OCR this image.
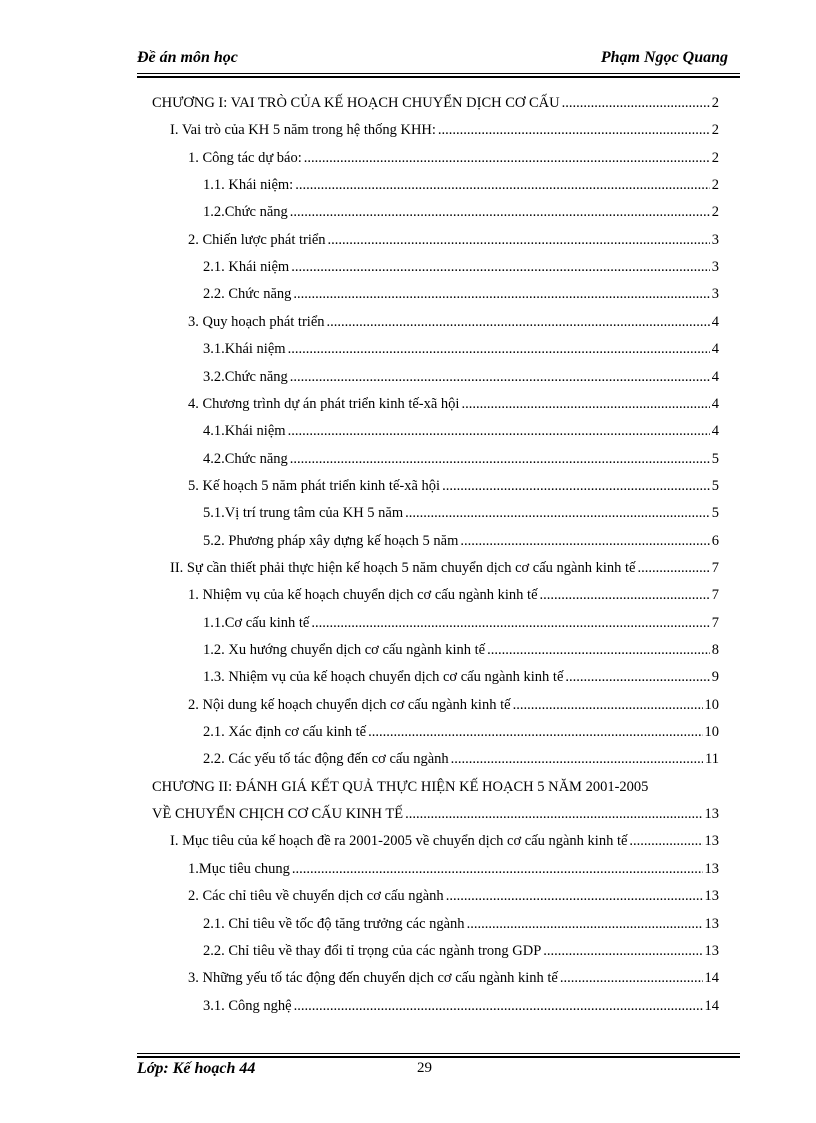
Đề án môn học	Phạm Ngọc Quang
CHƯƠNG I: VAI TRÒ CỦA KẾ HOẠCH CHUYỂN DỊCH CƠ CẤU .....	2
I. Vai trò của KH 5 năm trong hệ thống KHH: .....	2
1. Công tác dự báo: .....	2
1.1. Khái niệm: .....	2
1.2.Chức năng .....	2
2. Chiến lược phát triển .....	3
2.1. Khái niệm .....	3
2.2. Chức năng .....	3
3. Quy hoạch phát triển .....	4
3.1.Khái niệm .....	4
3.2.Chức năng .....	4
4. Chương trình dự án phát triển kinh tế-xã hội .....	4
4.1.Khái niệm .....	4
4.2.Chức năng .....	5
5. Kế hoạch 5 năm phát triển kinh tế-xã hội .....	5
5.1.Vị trí trung tâm của KH 5 năm .....	5
5.2. Phương pháp xây dựng kế hoạch 5 năm .....	6
II. Sự cần thiết phải thực hiện kế hoạch 5 năm chuyển dịch cơ cấu ngành kinh tế .....	7
1. Nhiệm vụ của kế hoạch chuyển dịch cơ cấu ngành kinh tế .....	7
1.1.Cơ cấu kinh tế .....	7
1.2. Xu hướng chuyển dịch cơ cấu ngành kinh tế .....	8
1.3. Nhiệm vụ của kế hoạch chuyển dịch cơ cấu ngành kinh tế .....	9
2. Nội dung kế hoạch chuyển dịch cơ cấu ngành kinh tế .....	10
2.1. Xác định cơ cấu kinh tế .....	10
2.2. Các yếu tố tác động đến cơ cấu ngành .....	11
CHƯƠNG II: ĐÁNH GIÁ KẾT QUẢ THỰC HIỆN KẾ HOẠCH 5 NĂM 2001-2005
VỀ CHUYỂN CHỊCH CƠ CẤU KINH TẾ .....	13
I. Mục tiêu của kế hoạch đề ra 2001-2005 về chuyển dịch cơ cấu ngành kinh tế .....	13
1.Mục tiêu chung .....	13
2. Các chỉ tiêu về chuyển dịch cơ cấu ngành .....	13
2.1. Chỉ tiêu về tốc độ tăng trưởng các ngành .....	13
2.2. Chỉ tiêu về thay đổi tỉ trọng của các ngành trong GDP .....	13
3. Những yếu tố tác động đến chuyển dịch cơ cấu ngành kinh tế .....	14
3.1. Công nghệ .....	14
Lớp: Kế hoạch 44	29
